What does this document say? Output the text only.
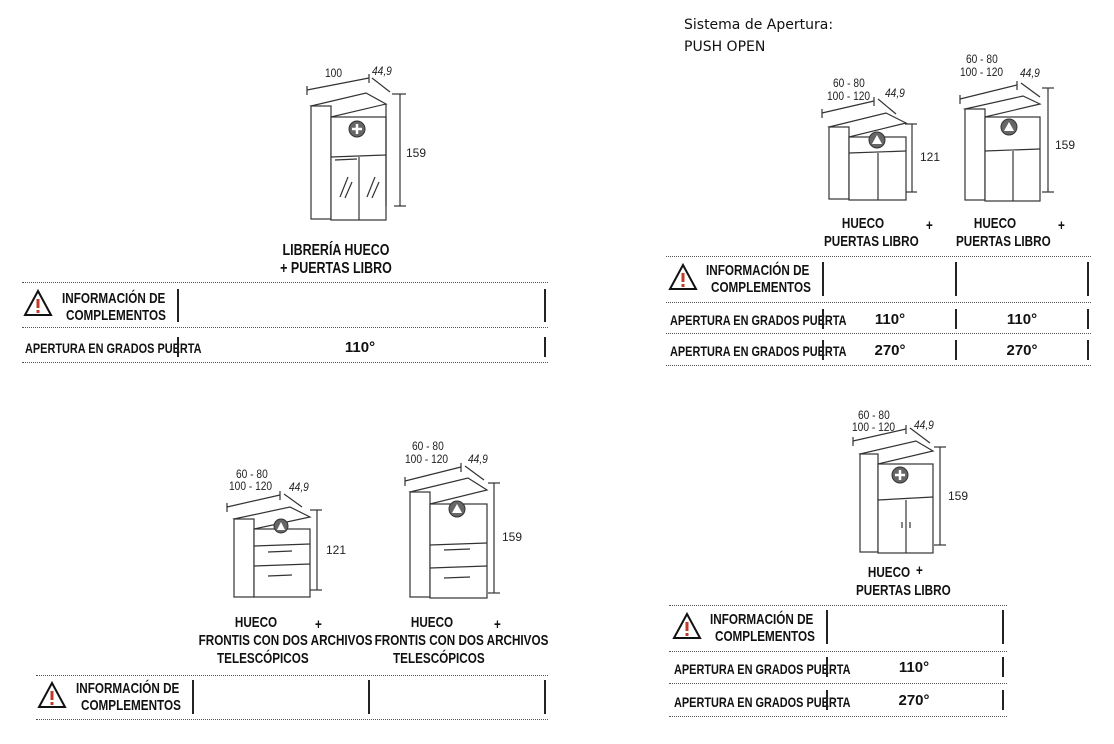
Sistema de Apertura:
PUSH OPEN
100 44,9
159
LIBRERÍA HUECO
+ PUERTAS LIBRO
INFORMACIÓN DE
COMPLEMENTOS
APERTURA EN GRADOS PUERTA	110°
60 - 80
100 - 120 44,9
121
60 - 80
100 - 120 44,9
159
HUECO	+
PUERTAS LIBRO
HUECO	+
PUERTAS LIBRO
INFORMACIÓN DE
COMPLEMENTOS
APERTURA EN GRADOS PUERTA	110°	110°
APERTURA EN GRADOS PUERTA	270°	270°
60 - 80
100 - 120 44,9
121
60 - 80
100 - 120 44,9
159
HUECO	+
FRONTIS CON DOS ARCHIVOS
TELESCÓPICOS
HUECO	+
FRONTIS CON DOS ARCHIVOS
TELESCÓPICOS
INFORMACIÓN DE
COMPLEMENTOS
60 - 80
100 - 120 44,9
159
HUECO +
PUERTAS LIBRO
INFORMACIÓN DE
COMPLEMENTOS
APERTURA EN GRADOS PUERTA	110°
APERTURA EN GRADOS PUERTA	270°
